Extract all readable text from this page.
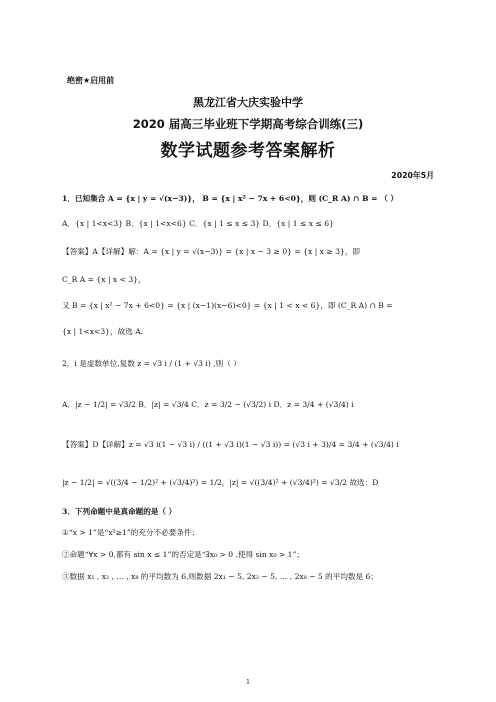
绝密★启用前
黑龙江省大庆实验中学
2020 届高三毕业班下学期高考综合训练(三)
数学试题参考答案解析
2020年5月
1．已知集合 A = {x | y = √(x−3)}， B = {x | x² − 7x + 6<0}，则 (C_R A) ∩ B = （ ）
A．{x | 1<x<3} B．{x | 1<x<6} C．{x | 1 ≤ x ≤ 3} D．{x | 1 ≤ x ≤ 6}
【答案】A【详解】解：A = {x | y = √(x−3)} = {x | x − 3 ≥ 0} = {x | x ≥ 3}，即
C_R A = {x | x < 3}，
又 B = {x | x² − 7x + 6<0} = {x | (x−1)(x−6)<0} = {x | 1 < x < 6}，即 (C_R A) ∩ B =
{x | 1<x<3}，故选 A.
2．i 是虚数单位,复数 z = √3 i / (1 + √3 i) ,则（ ）
A．|z − 1/2| = √3/2 B．|z| = √3/4 C．z = 3/2 − (√3/2) i D．z = 3/4 + (√3/4) i
【答案】D【详解】z = √3 i(1 − √3 i) / ((1 + √3 i)(1 − √3 i)) = (√3 i + 3)/4 = 3/4 + (√3/4) i
|z − 1/2| = √((3/4 − 1/2)² + (√3/4)²) = 1/2，|z| = √((3/4)² + (√3/4)²) = √3/2 故选：D
3．下列命题中是真命题的是（ ）
①“x > 1”是“x²≥1”的充分不必要条件；
②命题“∀x > 0,都有 sin x ≤ 1”的否定是“∃x₀ > 0 ,使得 sin x₀ > 1”；
③数据 x₁ , x₂ , … , x₈ 的平均数为 6,则数据 2x₁ − 5, 2x₂ − 5, … , 2x₈ − 5 的平均数是 6；
1
